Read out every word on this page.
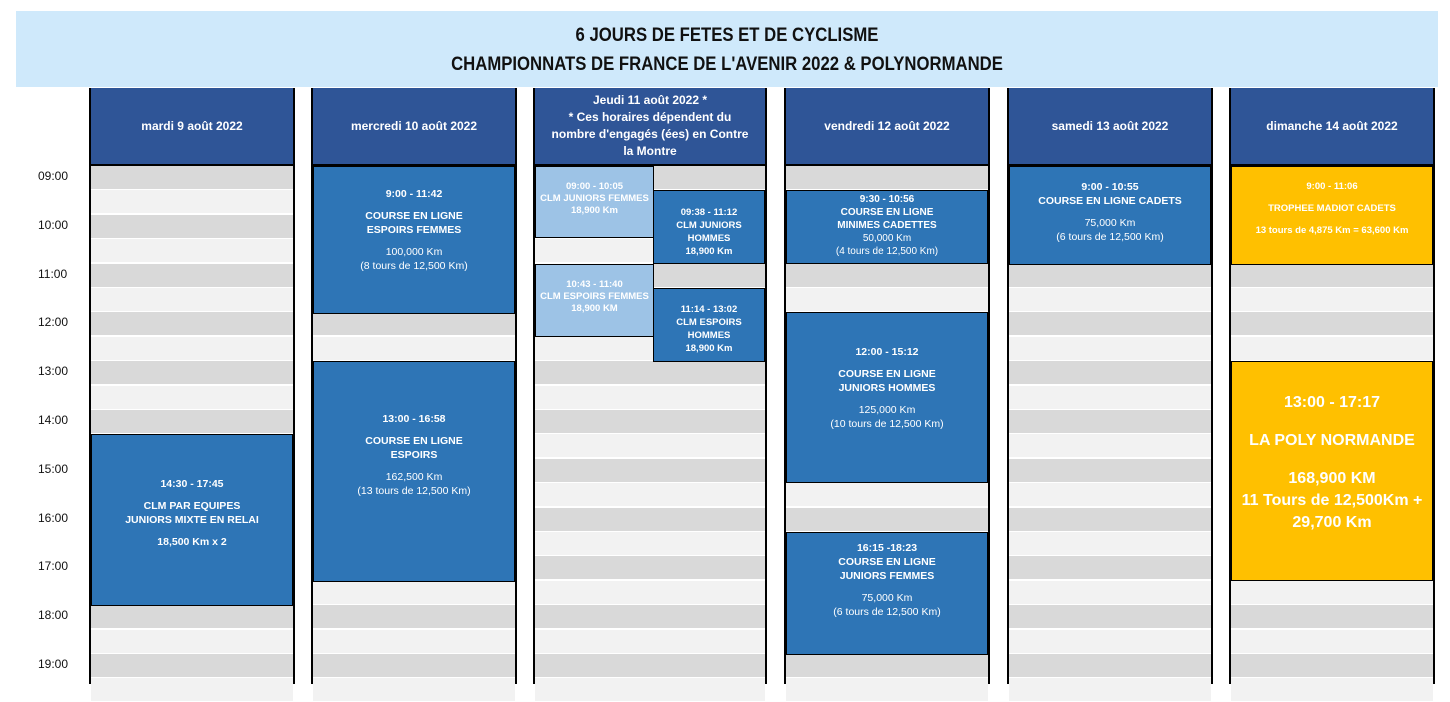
6 JOURS DE FETES ET DE CYCLISME
CHAMPIONNATS DE FRANCE DE L'AVENIR 2022 & POLYNORMANDE
09:00
10:00
11:00
12:00
13:00
14:00
15:00
16:00
17:00
18:00
19:00
mardi 9 août 2022
14:30 - 17:45
CLM PAR EQUIPES JUNIORS MIXTE EN RELAI
18,500 Km x 2
mercredi 10 août 2022
9:00 - 11:42
COURSE EN LIGNE
ESPOIRS FEMMES
100,000 Km
(8 tours de 12,500 Km)
13:00 - 16:58
COURSE EN LIGNE
ESPOIRS
162,500 Km
(13 tours de 12,500 Km)
Jeudi 11 août 2022 *
* Ces horaires dépendent du nombre d'engagés (ées) en Contre la Montre
09:00 - 10:05
CLM JUNIORS FEMMES
18,900 Km	09:38 - 11:12
CLM JUNIORS HOMMES
18,900 Km
10:43 - 11:40
CLM ESPOIRS FEMMES
18,900 KM	11:14 - 13:02
CLM ESPOIRS HOMMES
18,900 Km
vendredi 12 août 2022
9:30 - 10:56
COURSE EN LIGNE
MINIMES CADETTES
50,000 Km
(4 tours de 12,500 Km)
12:00 - 15:12
COURSE EN LIGNE
JUNIORS HOMMES
125,000 Km
(10 tours de 12,500 Km)
16:15 -18:23
COURSE EN LIGNE
JUNIORS FEMMES
75,000 Km
(6 tours de 12,500 Km)
samedi 13 août 2022
9:00 - 10:55
COURSE EN LIGNE CADETS
75,000 Km
(6 tours de 12,500 Km)
dimanche 14 août 2022
9:00 - 11:06
TROPHEE MADIOT CADETS
13 tours de 4,875 Km = 63,600 Km
13:00 - 17:17
LA POLY NORMANDE
168,900 KM
11 Tours de 12,500Km +
29,700 Km
